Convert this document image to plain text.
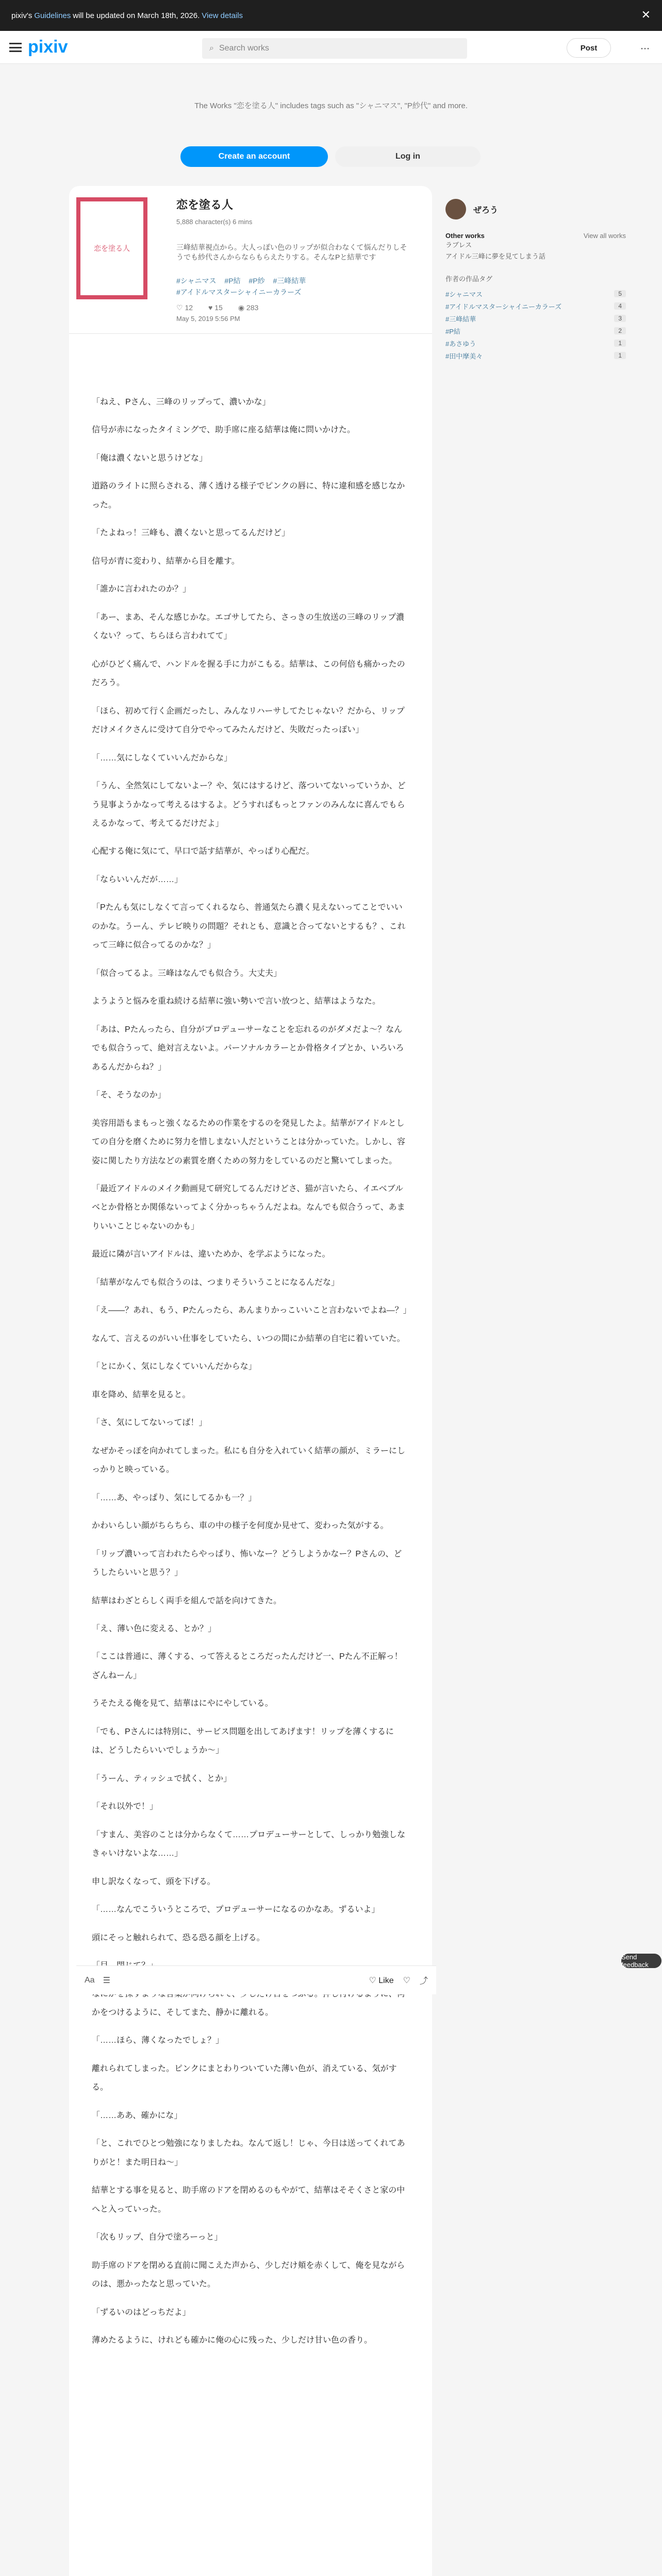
pixiv's Guidelines will be updated on March 18th, 2026. View details	✕
pixiv	⌕ Search works	Post	⋯
The Works "恋を塗る人" includes tags such as "シャニマス", "P紗代" and more.
Create an account	Log in
恋を塗る人
恋を塗る人
5,888 character(s) 6 mins
三峰結華視点から。大人っぽい色のリップが似合わなくて悩んだりしそうでも紗代さんからならもらえたりする。そんなPと結華です
#シャニマス #P結 #P紗 #三峰結華 #アイドルマスターシャイニーカラーズ
♡ 12 ♥ 15 ◉ 283
May 5, 2019 5:56 PM

「ねえ、Pさん、三峰のリップって、濃いかな」

信号が赤になったタイミングで、助手席に座る結華は俺に問いかけた。

「俺は濃くないと思うけどな」

道路のライトに照らされる、薄く透ける様子でピンクの唇に、特に違和感を感じなかった。

「たよねっ！三峰も、濃くないと思ってるんだけど」

信号が青に変わり、結華から目を離す。

「誰かに言われたのか？」

「あー、まあ、そんな感じかな。エゴサしてたら、さっきの生放送の三峰のリップ濃くない？って、ちらほら言われてて」

心がひどく痛んで、ハンドルを握る手に力がこもる。結華は、この何倍も痛かったのだろう。

「ほら、初めて行く企画だったし、みんなリハーサしてたじゃない？だから、リップだけメイクさんに受けて自分でやってみたんだけど、失敗だったっぽい」

「……気にしなくていいんだからな」

「うん、全然気にしてないよー？や、気にはするけど、落ついてないっていうか、どう見事ようかなって考えるはするよ。どうすればもっとファンのみんなに喜んでもらえるかなって、考えてるだけだよ」

心配する俺に気にて、早口で話す結華が、やっぱり心配だ。

「ならいいんだが……」

「Pたんも気にしなくて言ってくれるなら、普通気たら濃く見えないってことでいいのかな。うーん、テレビ映りの問題？それとも、意識と合ってないとするも？、これって三峰に似合ってるのかな？」

「似合ってるよ。三峰はなんでも似合う。大丈夫」

ようようと悩みを重ね続ける結華に強い勢いで言い放つと、結華はようなた。

「あは、Pたんったら、自分がプロデューサーなことを忘れるのがダメだよ～？なんでも似合うって、絶対言えないよ。パーソナルカラーとか骨格タイプとか、いろいろあるんだからね？」

「そ、そうなのか」

美容用語もまもっと強くなるための作業をするのを発見したよ。結華がアイドルとしての自分を磨くために努力を惜しまない人だということは分かっていた。しかし、容姿に関したり方法などの素質を磨くための努力をしているのだと驚いてしまった。

「最近アイドルのメイク動画見て研究してるんだけどさ、猫が言いたら、イエベブルベとか骨格とか関係ないってよく分かっちゃうんだよね。なんでも似合うって、あまりいいことじゃないのかも」

最近に隣が言いアイドルは、違いためか、を学ぶようになった。

「結華がなんでも似合うのは、つまりそういうことになるんだな」

「え――？あれ、もう、Pたんったら、あんまりかっこいいこと言わないでよね―？」

なんて、言えるのがいい仕事をしていたら、いつの間にか結華の自宅に着いていた。

「とにかく、気にしなくていいんだからな」

車を降め、結華を見ると。

「さ、気にしてないってば！」

なぜかそっぽを向かれてしまった。私にも自分を入れていく結華の顔が、ミラーにしっかりと映っている。

「……あ、やっぱり、気にしてるかも一？」

かわいらしい顔がちらちら、車の中の様子を何度か見せて、変わった気がする。

「リップ濃いって言われたらやっぱり、怖いなー？どうしようかなー？Pさんの、どうしたらいいと思う？」

結華はわざとらしく両手を組んで話を向けてきた。

「え、薄い色に変える、とか？」

「ここは普通に、薄くする、って答えるところだったんだけど一、Pたん不正解っ！ざんねーん」

うそたえる俺を見て、結華はにやにやしている。

「でも、Pさんには特別に、サービス問題を出してあげます！リップを薄くするには、どうしたらいいでしょうか～」

「うーん、ティッシュで拭く、とか」

「それ以外で！」

「すまん、美容のことは分からなくて……プロデューサーとして、しっかり勉強しなきゃいけないよな……」

申し訳なくなって、頭を下げる。

「……なんでこういうところで、プロデューサーになるのかなあ。ずるいよ」

頭にそっと触れられて、恐る恐る顔を上げる。

かをつけるように、そしてまた、静かに離れる。

「……ほら、薄くなったでしょ？」

離れられてしまった。ピンクにまとわりついていた薄い色が、消えている、気がする。

「……ああ、確かにな」

「と、これでひとつ勉強になりましたね。なんて返し！じゃ、今日は送ってくれてありがと！また明日ね～」

結華とする事を見ると、助手席のドアを閉めるのもやがて、結華はそそくさと家の中へと入っていった。

「次もリップ、自分で塗ろーっと」

助手席のドアを閉める直前に聞こえた声から、少しだけ頬を赤くして、俺を見ながらのは、悪かったなと思っていた。

「ずるいのはどっちだよ」

薄めたるように、けれども確かに俺の心に残った、少しだけ甘い色の香り。

ぜろう
Other works	View all works
ラブレス
アイドル三峰に夢を見てしまう話
作者の作品タグ
#シャニマス	5
#アイドルマスターシャイニーカラーズ	4
#三峰結華	3
#P結	2
#あさゆう	1
#田中摩美々	1
Aa ☰	♡ Like ♡ ⤴
Send feedback
